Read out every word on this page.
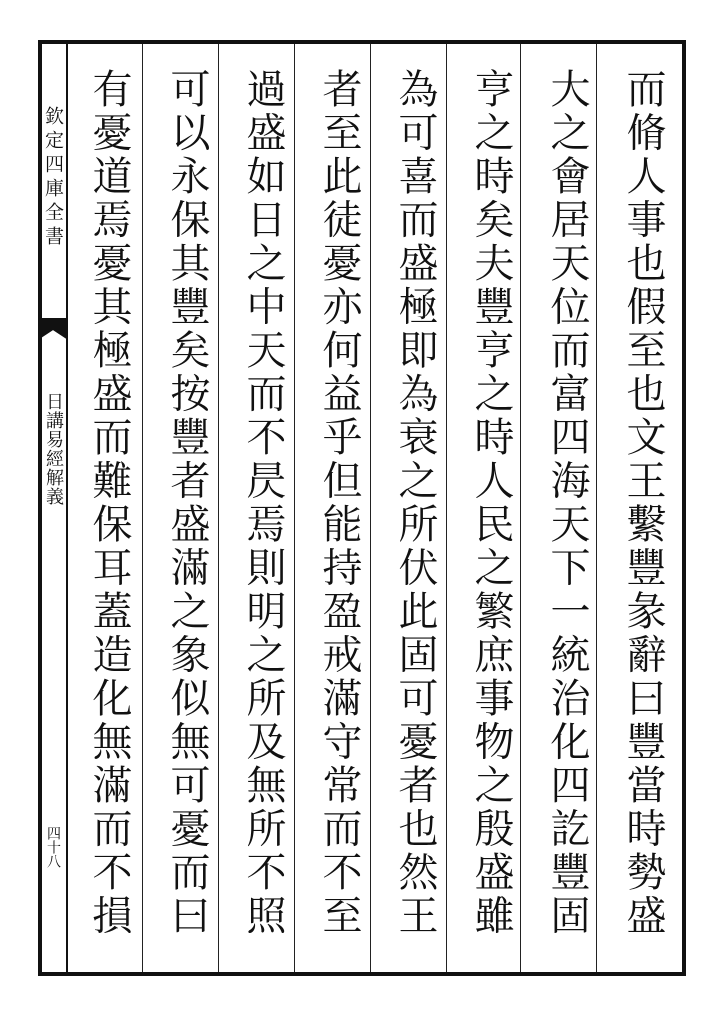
欽定四庫全書
日講易經解義
四十八	而脩人事也假至也文王繫豐彖辭曰豐當時勢盛
大之會居天位而富四海天下一統治化四訖豐固
亨之時矣夫豐亨之時人民之繁庶事物之殷盛雖
為可喜而盛極即為衰之所伏此固可憂者也然王
者至此徒憂亦何益乎但能持盈戒滿守常而不至
過盛如日之中天而不昃焉則明之所及無所不照
可以永保其豐矣按豐者盛滿之象似無可憂而曰
有憂道焉憂其極盛而難保耳蓋造化無滿而不損
